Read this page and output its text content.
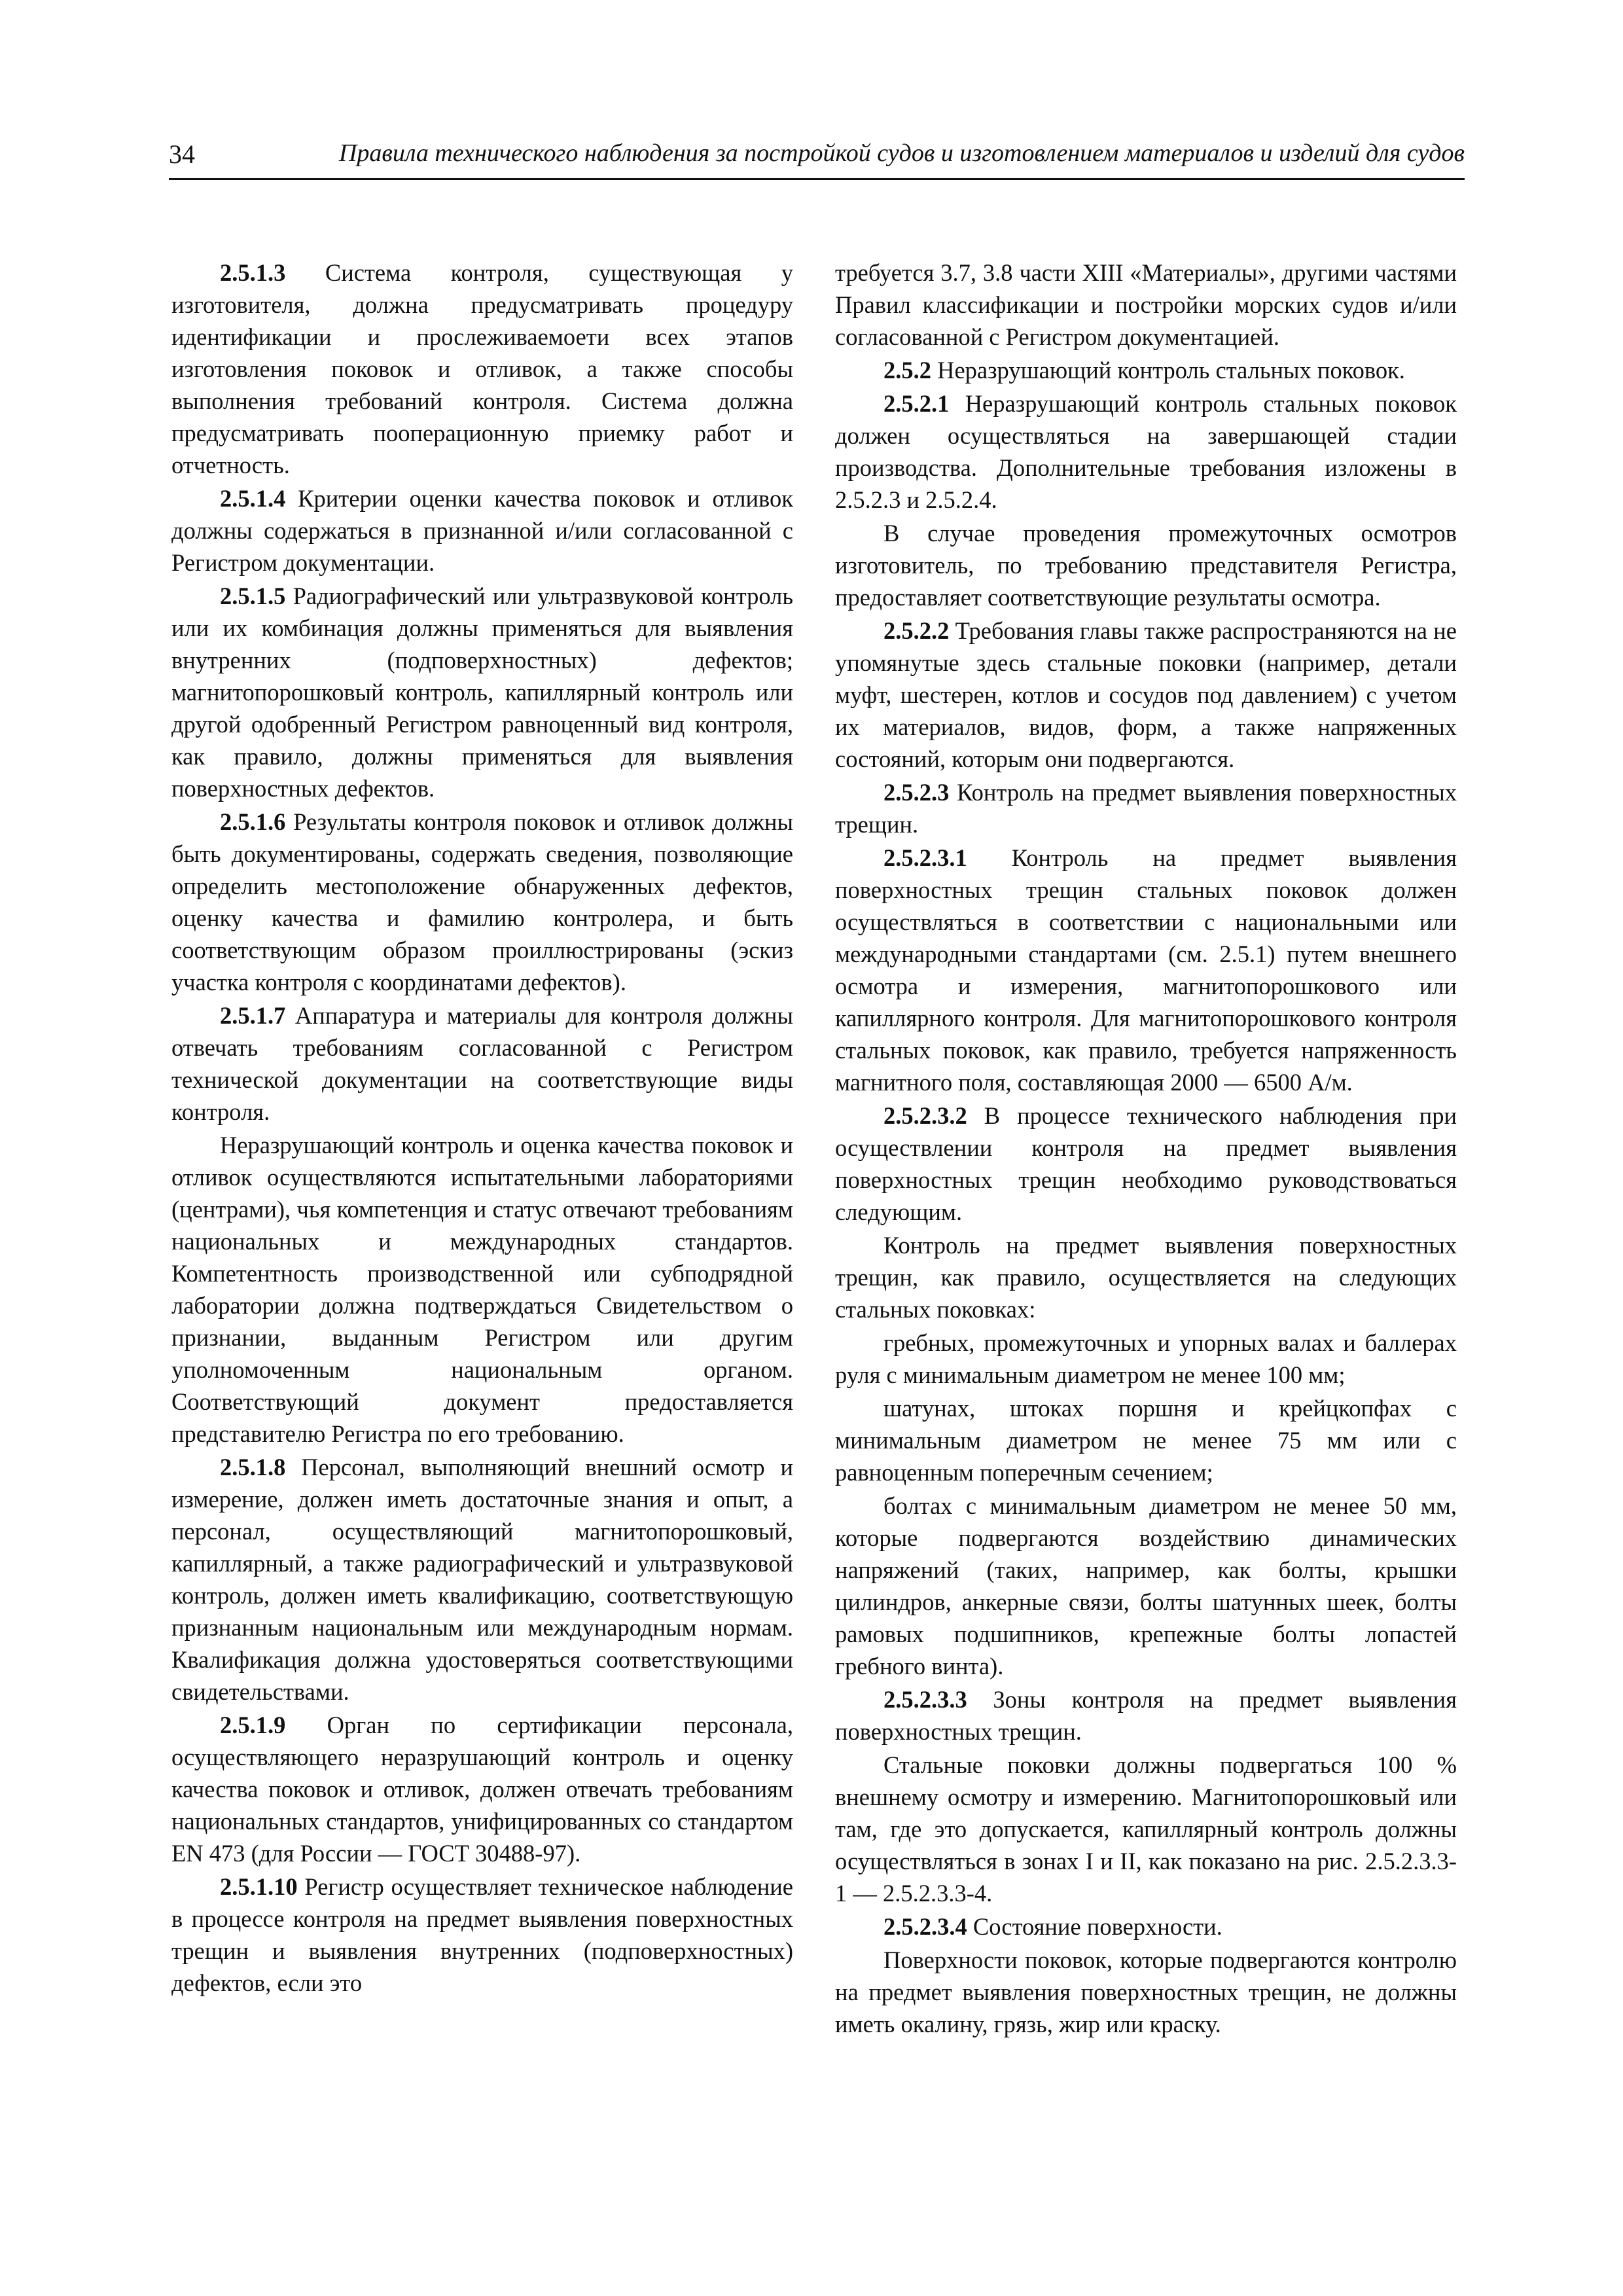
34	Правила технического наблюдения за постройкой судов и изготовлением материалов и изделий для судов

2.5.1.3 Система контроля, существующая у изготовителя, должна предусматривать процедуру идентификации и прослеживаемоети всех этапов изготовления поковок и отливок, а также способы выполнения требований контроля. Система должна предусматривать пооперационную приемку работ и отчетность.

2.5.1.4 Критерии оценки качества поковок и отливок должны содержаться в признанной и/или согласованной с Регистром документации.

2.5.1.5 Радиографический или ультразвуковой контроль или их комбинация должны применяться для выявления внутренних (подповерхностных) дефектов; магнитопорошковый контроль, капиллярный контроль или другой одобренный Регистром равноценный вид контроля, как правило, должны применяться для выявления поверхностных дефектов.

2.5.1.6 Результаты контроля поковок и отливок должны быть документированы, содержать сведения, позволяющие определить местоположение обнаруженных дефектов, оценку качества и фамилию контролера, и быть соответствующим образом проиллюстрированы (эскиз участка контроля с координатами дефектов).

2.5.1.7 Аппаратура и материалы для контроля должны отвечать требованиям согласованной с Регистром технической документации на соответствующие виды контроля.

Неразрушающий контроль и оценка качества поковок и отливок осуществляются испытательными лабораториями (центрами), чья компетенция и статус отвечают требованиям национальных и международных стандартов. Компетентность производственной или субподрядной лаборатории должна подтверждаться Свидетельством о признании, выданным Регистром или другим уполномоченным национальным органом. Соответствующий документ предоставляется представителю Регистра по его требованию.

2.5.1.8 Персонал, выполняющий внешний осмотр и измерение, должен иметь достаточные знания и опыт, а персонал, осуществляющий магнитопорошковый, капиллярный, а также радиографический и ультразвуковой контроль, должен иметь квалификацию, соответствующую признанным национальным или международным нормам. Квалификация должна удостоверяться соответствующими свидетельствами.

2.5.1.9 Орган по сертификации персонала, осуществляющего неразрушающий контроль и оценку качества поковок и отливок, должен отвечать требованиям национальных стандартов, унифицированных со стандартом EN 473 (для России — ГОСТ 30488-97).

2.5.1.10 Регистр осуществляет техническое наблюдение в процессе контроля на предмет выявления поверхностных трещин и выявления внутренних (подповерхностных) дефектов, если это

требуется 3.7, 3.8 части XIII «Материалы», другими частями Правил классификации и постройки морских судов и/или согласованной с Регистром документацией.

2.5.2 Неразрушающий контроль стальных поковок.

2.5.2.1 Неразрушающий контроль стальных поковок должен осуществляться на завершающей стадии производства. Дополнительные требования изложены в 2.5.2.3 и 2.5.2.4.

В случае проведения промежуточных осмотров изготовитель, по требованию представителя Регистра, предоставляет соответствующие результаты осмотра.

2.5.2.2 Требования главы также распространяются на не упомянутые здесь стальные поковки (например, детали муфт, шестерен, котлов и сосудов под давлением) с учетом их материалов, видов, форм, а также напряженных состояний, которым они подвергаются.

2.5.2.3 Контроль на предмет выявления поверхностных трещин.

2.5.2.3.1 Контроль на предмет выявления поверхностных трещин стальных поковок должен осуществляться в соответствии с национальными или международными стандартами (см. 2.5.1) путем внешнего осмотра и измерения, магнитопорошкового или капиллярного контроля. Для магнитопорошкового контроля стальных поковок, как правило, требуется напряженность магнитного поля, составляющая 2000 — 6500 А/м.

2.5.2.3.2 В процессе технического наблюдения при осуществлении контроля на предмет выявления поверхностных трещин необходимо руководствоваться следующим.

Контроль на предмет выявления поверхностных трещин, как правило, осуществляется на следующих стальных поковках:

гребных, промежуточных и упорных валах и баллерах руля с минимальным диаметром не менее 100 мм;

шатунах, штоках поршня и крейцкопфах с минимальным диаметром не менее 75 мм или с равноценным поперечным сечением;

болтах с минимальным диаметром не менее 50 мм, которые подвергаются воздействию динамических напряжений (таких, например, как болты, крышки цилиндров, анкерные связи, болты шатунных шеек, болты рамовых подшипников, крепежные болты лопастей гребного винта).

2.5.2.3.3 Зоны контроля на предмет выявления поверхностных трещин.

Стальные поковки должны подвергаться 100 % внешнему осмотру и измерению. Магнитопорошковый или там, где это допускается, капиллярный контроль должны осуществляться в зонах I и II, как показано на рис. 2.5.2.3.3-1 — 2.5.2.3.3-4.

2.5.2.3.4 Состояние поверхности.

Поверхности поковок, которые подвергаются контролю на предмет выявления поверхностных трещин, не должны иметь окалину, грязь, жир или краску.
